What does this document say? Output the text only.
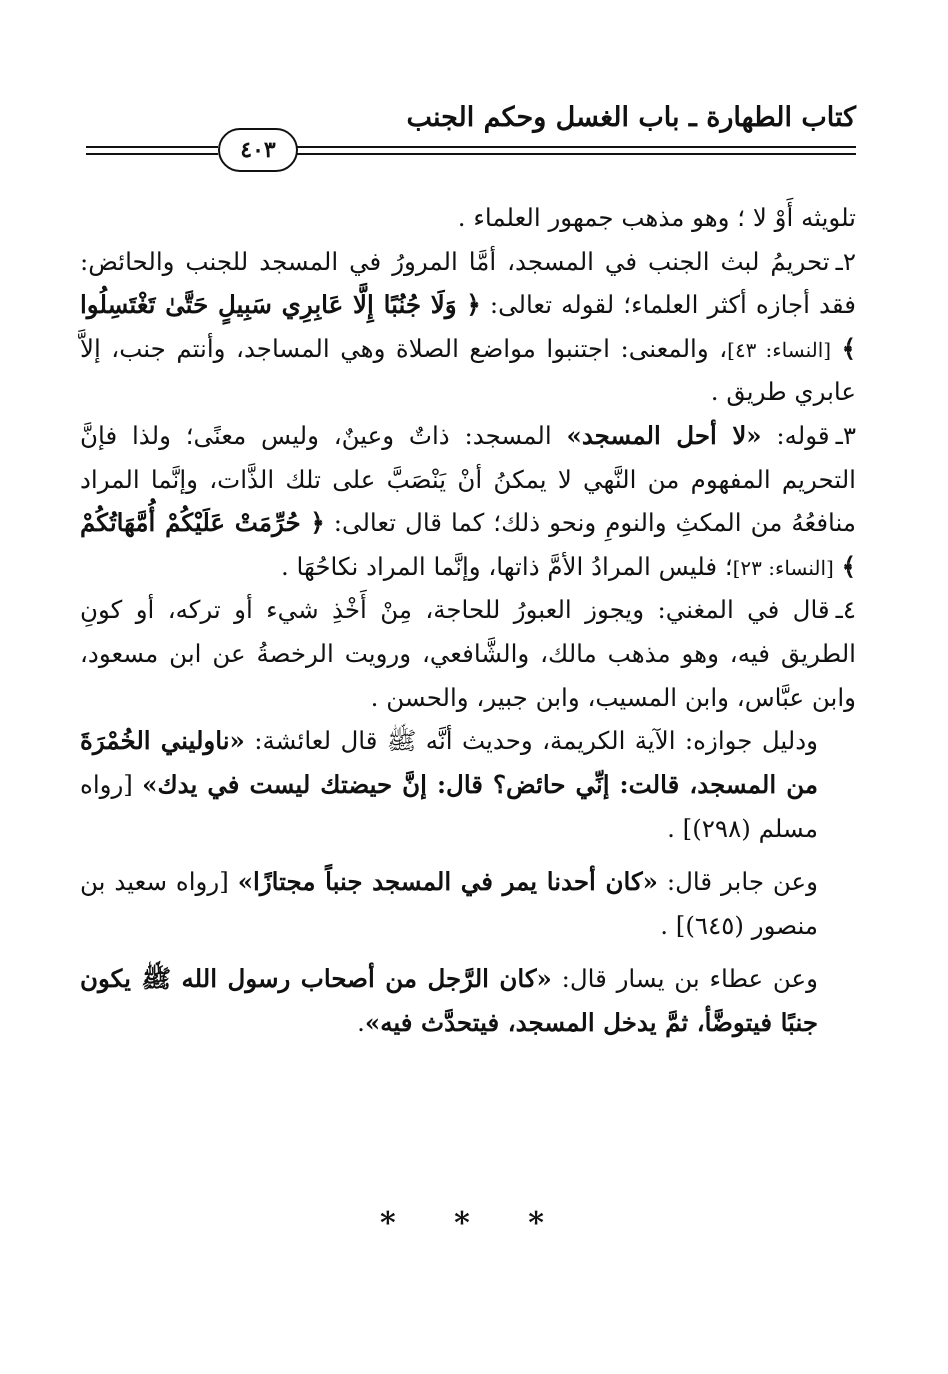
كتاب الطهارة ـ باب الغسل وحكم الجنب
٤٠٣

تلويثه أَوْ لا ؛ وهو مذهب جمهور العلماء .

٢ـتحريمُ لبث الجنب في المسجد، أمَّا المرورُ في المسجد للجنب والحائض: فقد أجازه أكثر العلماء؛ لقوله تعالى: ﴿ وَلَا جُنُبًا إِلَّا عَابِرِي سَبِيلٍ حَتَّىٰ تَغْتَسِلُوا ﴾ [النساء: ٤٣]، والمعنى: اجتنبوا مواضع الصلاة وهي المساجد، وأنتم جنب، إلاَّ عابري طريق .

٣ـقوله: «لا أحل المسجد» المسجد: ذاتٌ وعينٌ، وليس معنًى؛ ولذا فإنَّ التحريم المفهوم من النَّهي لا يمكنُ أنْ يَنْصَبَّ على تلك الذَّات، وإنَّما المراد منافعُهُ من المكثِ والنومِ ونحو ذلك؛ كما قال تعالى: ﴿ حُرِّمَتْ عَلَيْكُمْ أُمَّهَاتُكُمْ ﴾ [النساء: ٢٣]؛ فليس المرادُ الأمَّ ذاتها، وإنَّما المراد نكاحُهَا .

٤ـقال في المغني: ويجوز العبورُ للحاجة، مِنْ أَخْذِ شيء أو تركه، أو كونِ الطريق فيه، وهو مذهب مالك، والشَّافعي، ورويت الرخصةُ عن ابن مسعود، وابن عبَّاس، وابن المسيب، وابن جبير، والحسن .

ودليل جوازه: الآية الكريمة، وحديث أنَّه ﷺ قال لعائشة: «ناوليني الخُمْرَةَ من المسجد، قالت: إنِّي حائض؟ قال: إنَّ حيضتك ليست في يدك» [رواه مسلم (٢٩٨)] .

وعن جابر قال: «كان أحدنا يمر في المسجد جنباً مجتازًا» [رواه سعيد بن منصور (٦٤٥)] .

وعن عطاء بن يسار قال: «كان الرَّجل من أصحاب رسول الله ﷺ يكون جنبًا فيتوضَّأ، ثمَّ يدخل المسجد، فيتحدَّث فيه».

* * *
